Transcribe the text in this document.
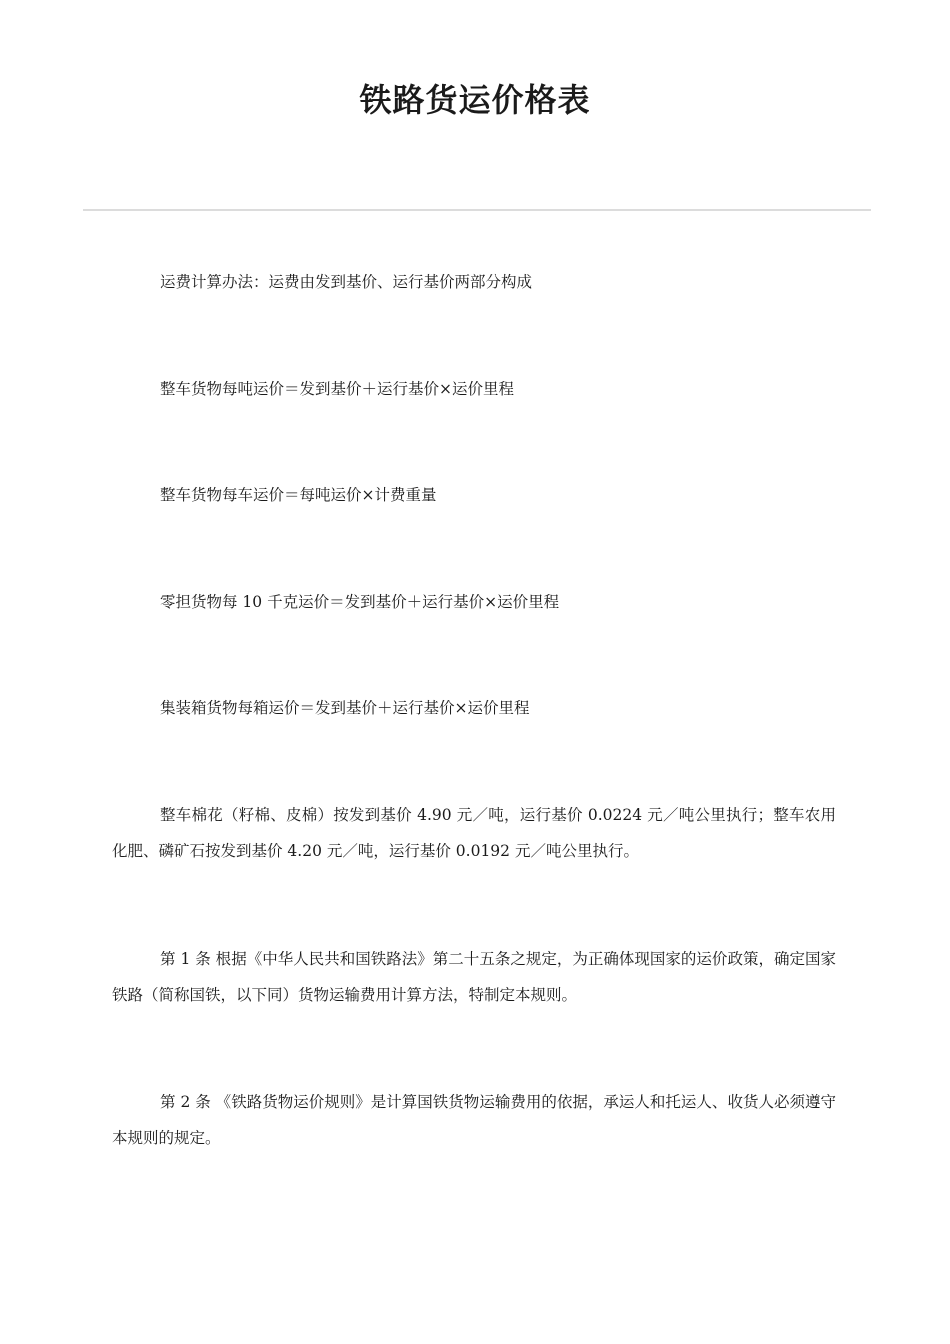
铁路货运价格表

运费计算办法：运费由发到基价、运行基价两部分构成

整车货物每吨运价＝发到基价＋运行基价×运价里程

整车货物每车运价＝每吨运价×计费重量

零担货物每 10 千克运价＝发到基价＋运行基价×运价里程

集装箱货物每箱运价＝发到基价＋运行基价×运价里程

整车棉花（籽棉、皮棉）按发到基价 4.90 元／吨，运行基价 0.0224 元／吨公里执行；整车农用化肥、磷矿石按发到基价 4.20 元／吨，运行基价 0.0192 元／吨公里执行。

第 1 条 根据《中华人民共和国铁路法》第二十五条之规定，为正确体现国家的运价政策，确定国家铁路（简称国铁，以下同）货物运输费用计算方法，特制定本规则。

第 2 条 《铁路货物运价规则》是计算国铁货物运输费用的依据，承运人和托运人、收货人必须遵守本规则的规定。
